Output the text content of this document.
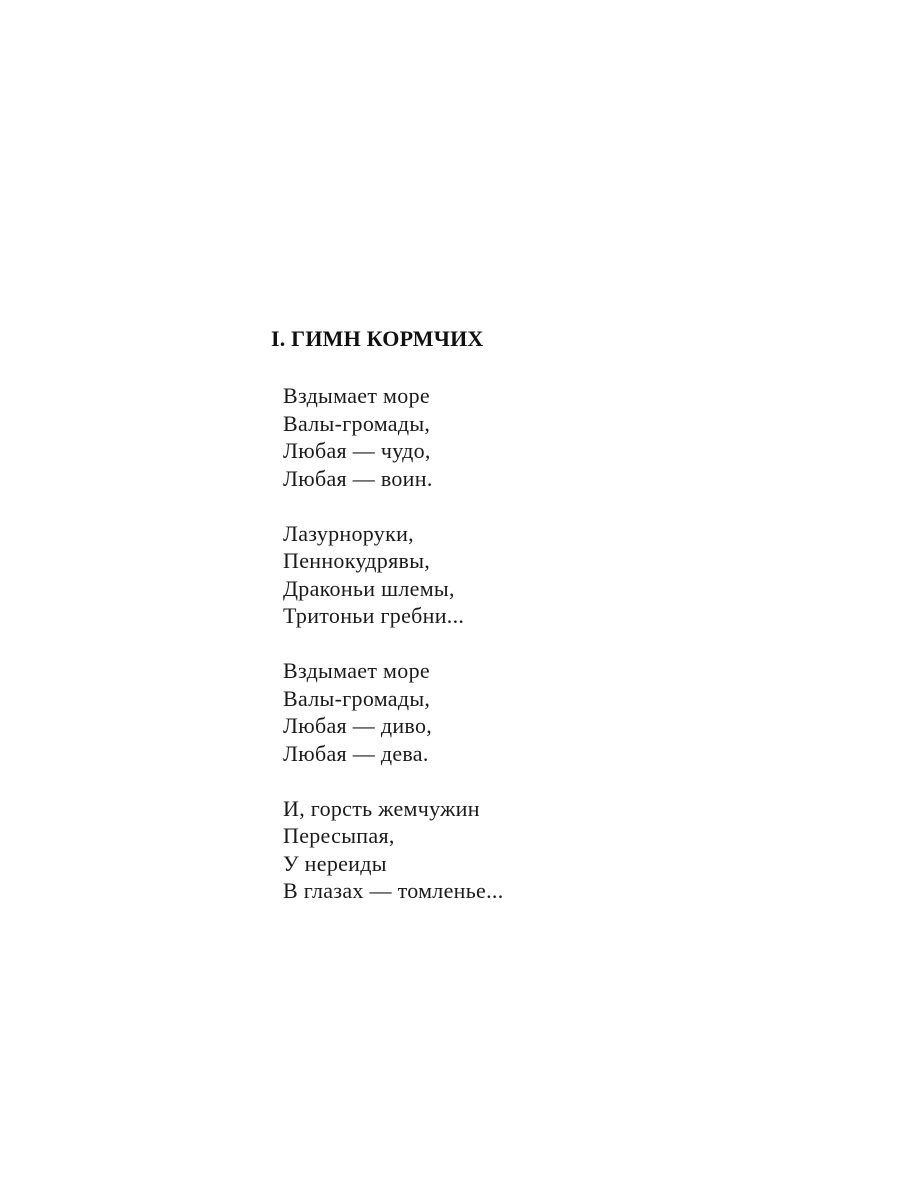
I. ГИМН КОРМЧИХ
Вздымает море
Валы-громады,
Любая — чудо,
Любая — воин.
Лазурноруки,
Пеннокудрявы,
Драконьи шлемы,
Тритоньи гребни...
Вздымает море
Валы-громады,
Любая — диво,
Любая — дева.
И, горсть жемчужин
Пересыпая,
У нереиды
В глазах — томленье...
